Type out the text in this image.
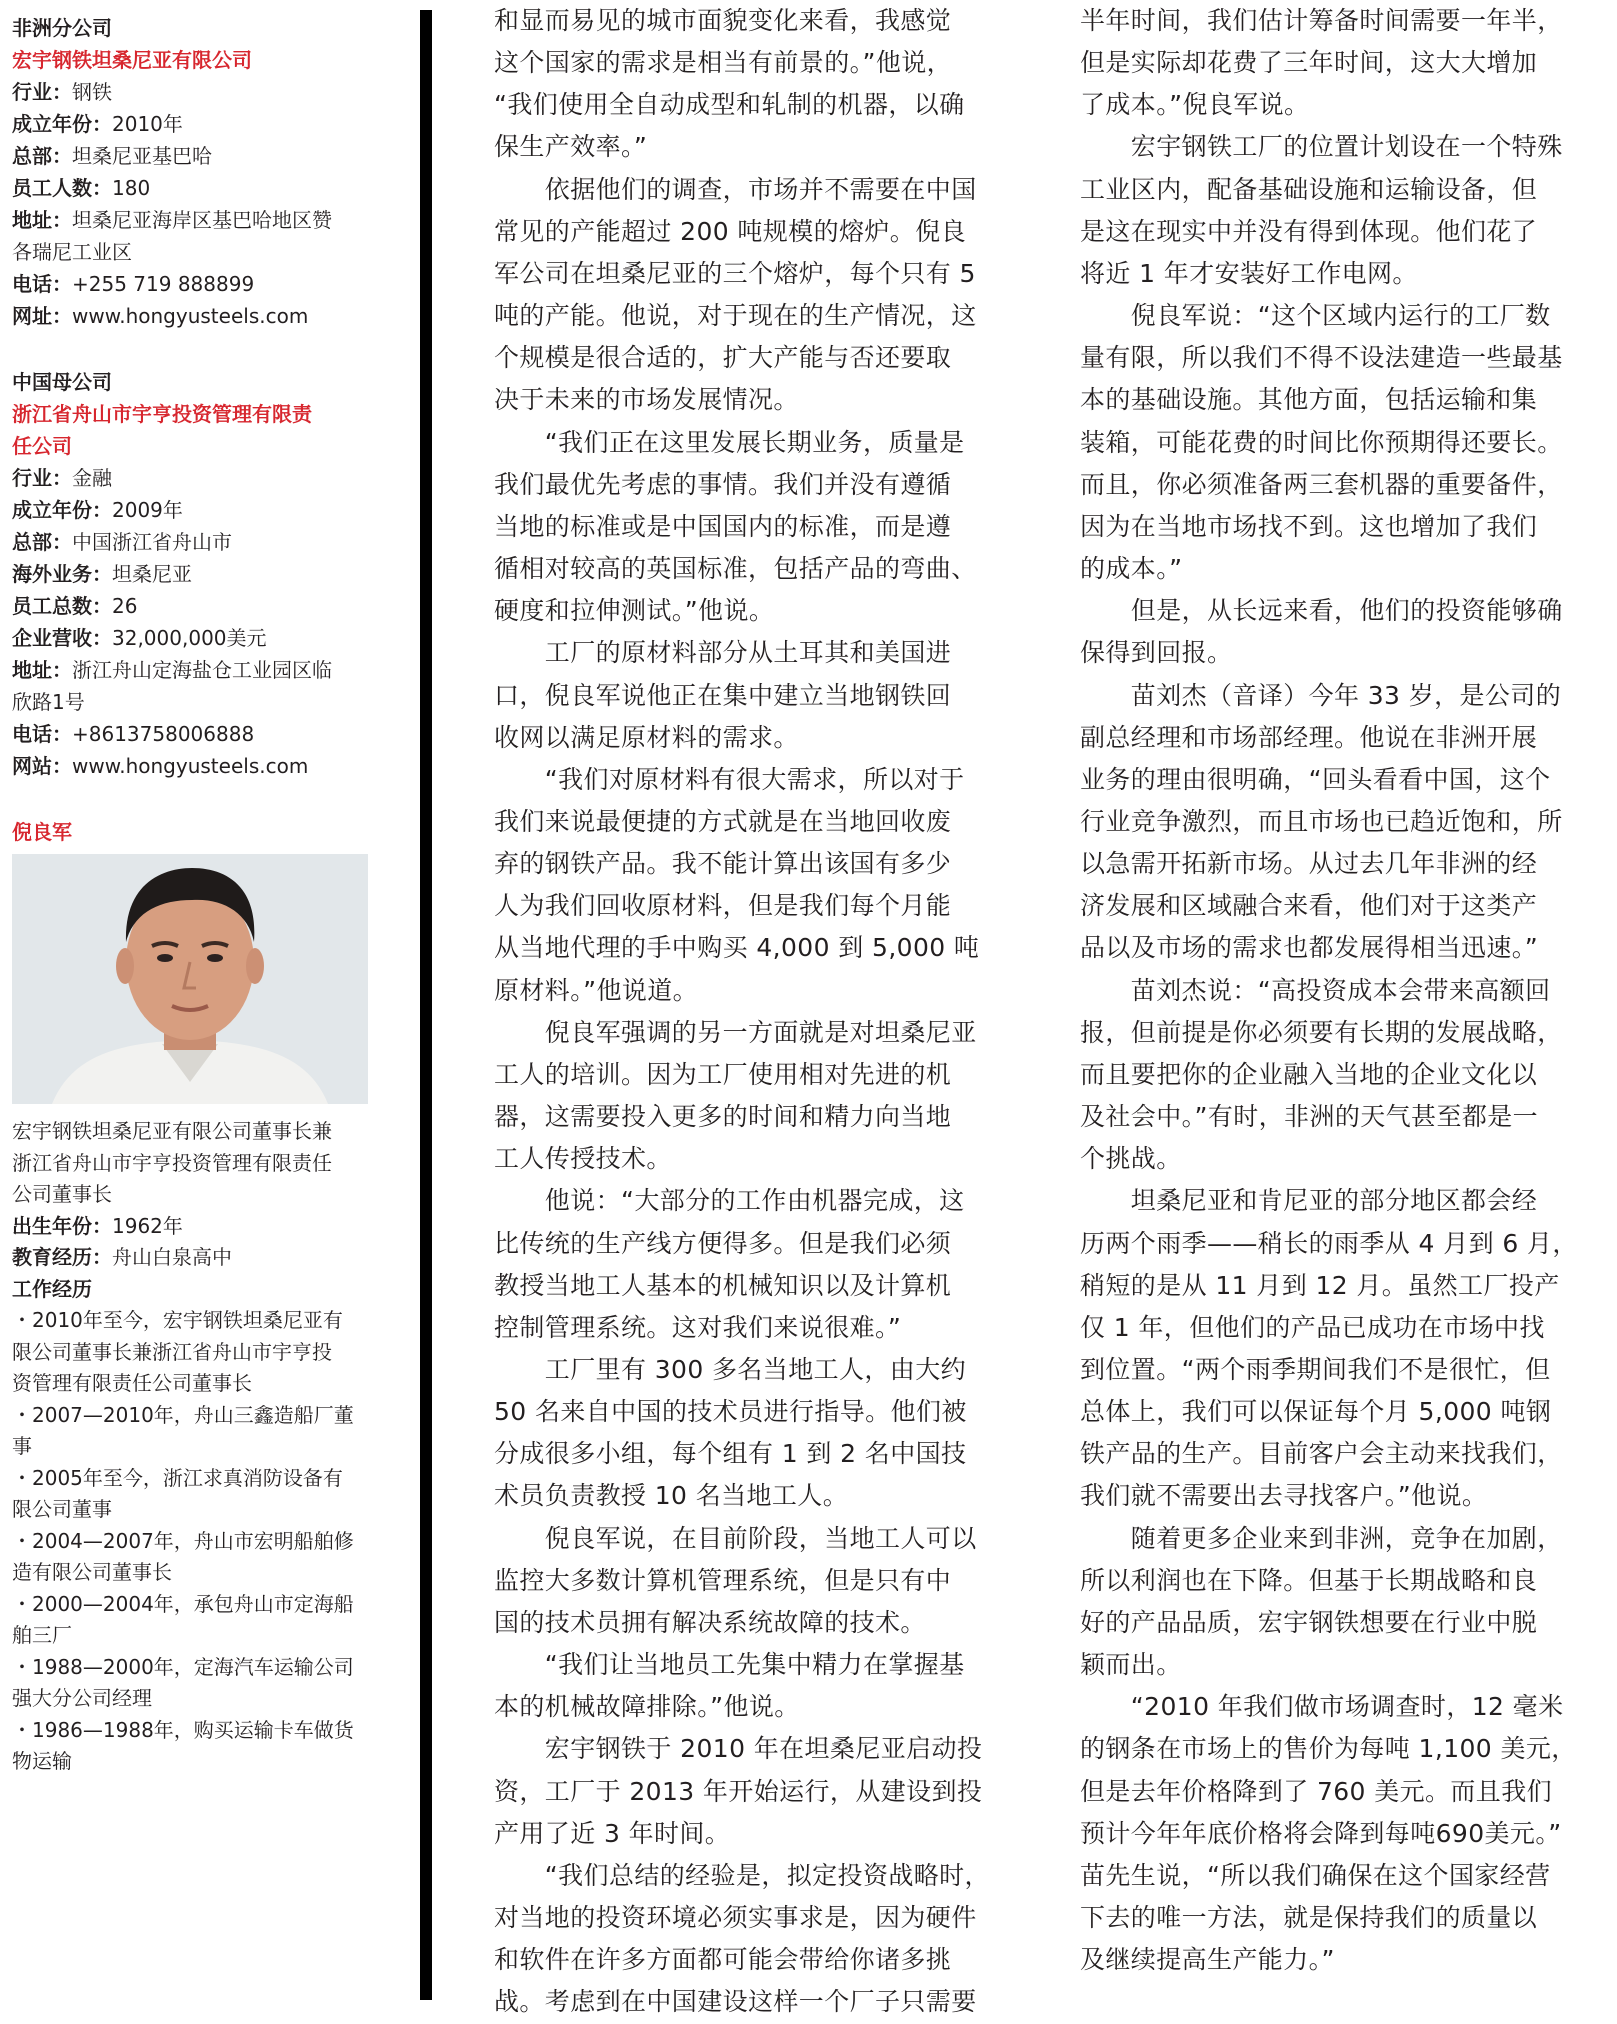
非洲分公司

宏宇钢铁坦桑尼亚有限公司

行业：钢铁

成立年份：2010年

总部：坦桑尼亚基巴哈

员工人数：180

地址：坦桑尼亚海岸区基巴哈地区赞

各瑞尼工业区

电话：+255 719 888899

网址：www.hongyusteels.com

中国母公司

浙江省舟山市宇亨投资管理有限责

任公司

行业：金融

成立年份：2009年

总部：中国浙江省舟山市

海外业务：坦桑尼亚

员工总数：26

企业营收：32,000,000美元

地址：浙江舟山定海盐仓工业园区临

欣路1号

电话：+8613758006888

网站：www.hongyusteels.com

倪良军

宏宇钢铁坦桑尼亚有限公司董事长兼

浙江省舟山市宇亨投资管理有限责任

公司董事长

出生年份：1962年

教育经历：舟山白泉高中

工作经历

・2010年至今，宏宇钢铁坦桑尼亚有

限公司董事长兼浙江省舟山市宇亨投

资管理有限责任公司董事长

・2007—2010年，舟山三鑫造船厂董

事

・2005年至今，浙江求真消防设备有

限公司董事

・2004—2007年，舟山市宏明船舶修

造有限公司董事长

・2000—2004年，承包舟山市定海船

舶三厂

・1988—2000年，定海汽车运输公司

强大分公司经理

・1986—1988年，购买运输卡车做货

物运输

和显而易见的城市面貌变化来看，我感觉

这个国家的需求是相当有前景的。”他说，

“我们使用全自动成型和轧制的机器，以确

保生产效率。”

　　依据他们的调查，市场并不需要在中国

常见的产能超过 200 吨规模的熔炉。倪良

军公司在坦桑尼亚的三个熔炉，每个只有 5

吨的产能。他说，对于现在的生产情况，这

个规模是很合适的，扩大产能与否还要取

决于未来的市场发展情况。

　　“我们正在这里发展长期业务，质量是

我们最优先考虑的事情。我们并没有遵循

当地的标准或是中国国内的标准，而是遵

循相对较高的英国标准，包括产品的弯曲、

硬度和拉伸测试。”他说。

　　工厂的原材料部分从土耳其和美国进

口，倪良军说他正在集中建立当地钢铁回

收网以满足原材料的需求。

　　“我们对原材料有很大需求，所以对于

我们来说最便捷的方式就是在当地回收废

弃的钢铁产品。我不能计算出该国有多少

人为我们回收原材料，但是我们每个月能

从当地代理的手中购买 4,000 到 5,000 吨

原材料。”他说道。

　　倪良军强调的另一方面就是对坦桑尼亚

工人的培训。因为工厂使用相对先进的机

器，这需要投入更多的时间和精力向当地

工人传授技术。

　　他说：“大部分的工作由机器完成，这

比传统的生产线方便得多。但是我们必须

教授当地工人基本的机械知识以及计算机

控制管理系统。这对我们来说很难。”

　　工厂里有 300 多名当地工人，由大约

50 名来自中国的技术员进行指导。他们被

分成很多小组，每个组有 1 到 2 名中国技

术员负责教授 10 名当地工人。

　　倪良军说，在目前阶段，当地工人可以

监控大多数计算机管理系统，但是只有中

国的技术员拥有解决系统故障的技术。

　　“我们让当地员工先集中精力在掌握基

本的机械故障排除。”他说。

　　宏宇钢铁于 2010 年在坦桑尼亚启动投

资，工厂于 2013 年开始运行，从建设到投

产用了近 3 年时间。

　　“我们总结的经验是，拟定投资战略时，

对当地的投资环境必须实事求是，因为硬件

和软件在许多方面都可能会带给你诸多挑

战。考虑到在中国建设这样一个厂子只需要

半年时间，我们估计筹备时间需要一年半，

但是实际却花费了三年时间，这大大增加

了成本。”倪良军说。

　　宏宇钢铁工厂的位置计划设在一个特殊

工业区内，配备基础设施和运输设备，但

是这在现实中并没有得到体现。他们花了

将近 1 年才安装好工作电网。

　　倪良军说：“这个区域内运行的工厂数

量有限，所以我们不得不设法建造一些最基

本的基础设施。其他方面，包括运输和集

装箱，可能花费的时间比你预期得还要长。

而且，你必须准备两三套机器的重要备件，

因为在当地市场找不到。这也增加了我们

的成本。”

　　但是，从长远来看，他们的投资能够确

保得到回报。

　　苗刘杰（音译）今年 33 岁，是公司的

副总经理和市场部经理。他说在非洲开展

业务的理由很明确，“回头看看中国，这个

行业竞争激烈，而且市场也已趋近饱和，所

以急需开拓新市场。从过去几年非洲的经

济发展和区域融合来看，他们对于这类产

品以及市场的需求也都发展得相当迅速。”

　　苗刘杰说：“高投资成本会带来高额回

报，但前提是你必须要有长期的发展战略，

而且要把你的企业融入当地的企业文化以

及社会中。”有时，非洲的天气甚至都是一

个挑战。

　　坦桑尼亚和肯尼亚的部分地区都会经

历两个雨季——稍长的雨季从 4 月到 6 月，

稍短的是从 11 月到 12 月。虽然工厂投产

仅 1 年，但他们的产品已成功在市场中找

到位置。“两个雨季期间我们不是很忙，但

总体上，我们可以保证每个月 5,000 吨钢

铁产品的生产。目前客户会主动来找我们，

我们就不需要出去寻找客户。”他说。

　　随着更多企业来到非洲，竞争在加剧，

所以利润也在下降。但基于长期战略和良

好的产品品质，宏宇钢铁想要在行业中脱

颖而出。

　　“2010 年我们做市场调查时，12 毫米

的钢条在市场上的售价为每吨 1,100 美元，

但是去年价格降到了 760 美元。而且我们

预计今年年底价格将会降到每吨690美元。”

苗先生说，“所以我们确保在这个国家经营

下去的唯一方法，就是保持我们的质量以

及继续提高生产能力。”
